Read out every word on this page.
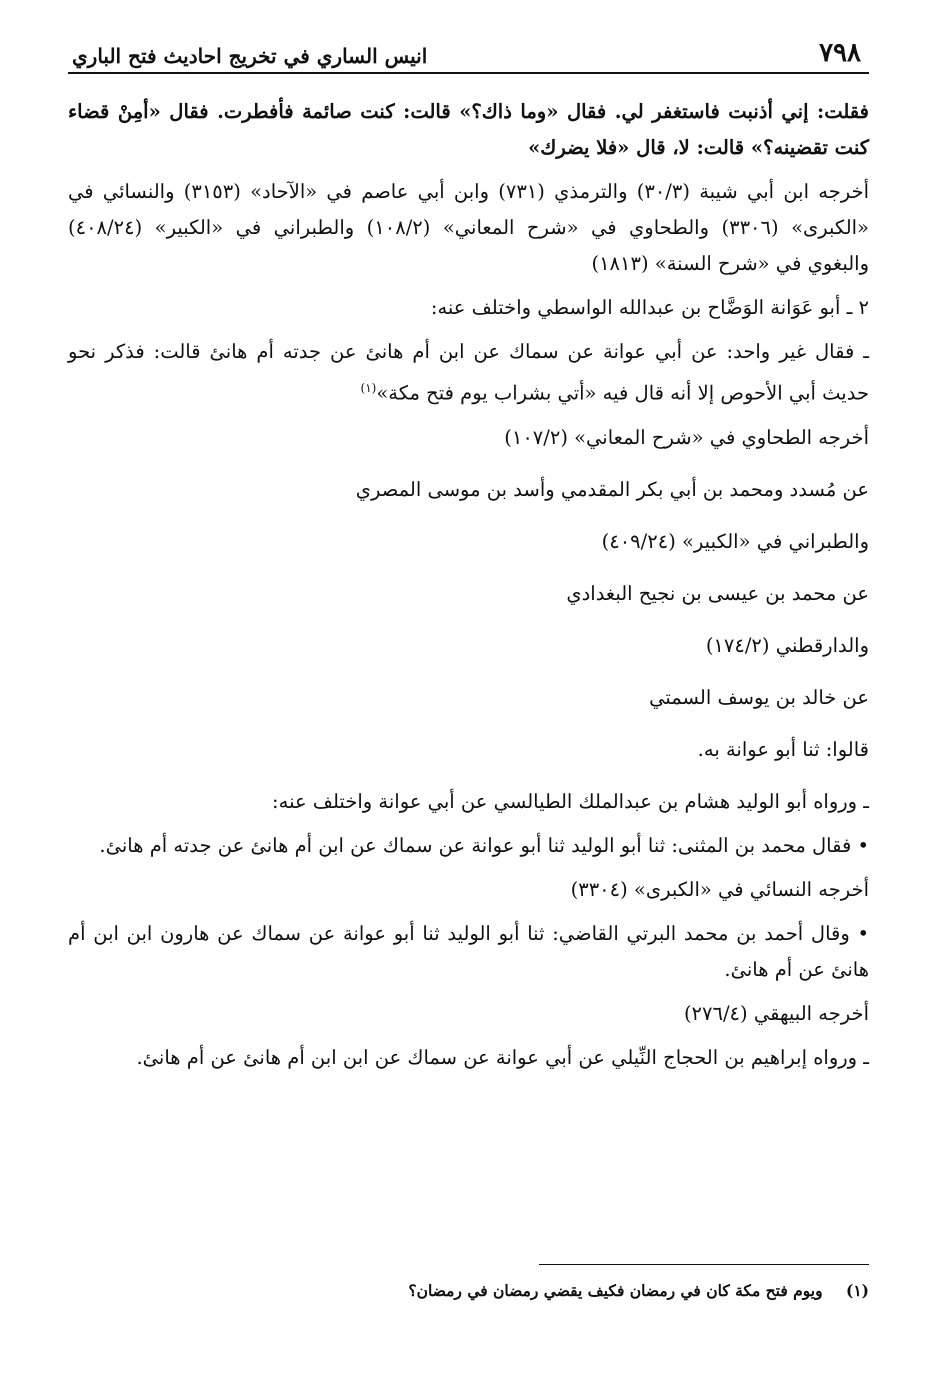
٧٩٨
انيس الساري في تخريج احاديث فتح الباري

فقلت: إني أذنبت فاستغفر لي. فقال «وما ذاك؟» قالت: كنت صائمة فأفطرت. فقال «أمِنْ قضاء كنت تقضينه؟» قالت: لا، قال «فلا يضرك»

أخرجه ابن أبي شيبة (٣٠/٣) والترمذي (٧٣١) وابن أبي عاصم في «الآحاد» (٣١٥٣) والنسائي في «الكبرى» (٣٣٠٦) والطحاوي في «شرح المعاني» (١٠٨/٢) والطبراني في «الكبير» (٤٠٨/٢٤) والبغوي في «شرح السنة» (١٨١٣)

٢ ـ أبو عَوَانة الوَضَّاح بن عبدالله الواسطي واختلف عنه:

ـ فقال غير واحد: عن أبي عوانة عن سماك عن ابن أم هانئ عن جدته أم هانئ قالت: فذكر نحو حديث أبي الأحوص إلا أنه قال فيه «أتي بشراب يوم فتح مكة»$^{(١)}$

أخرجه الطحاوي في «شرح المعاني» (١٠٧/٢)

عن مُسدد ومحمد بن أبي بكر المقدمي وأسد بن موسى المصري

والطبراني في «الكبير» (٤٠٩/٢٤)

عن محمد بن عيسى بن نجيح البغدادي

والدارقطني (١٧٤/٢)

عن خالد بن يوسف السمتي

قالوا: ثنا أبو عوانة به.

ـ ورواه أبو الوليد هشام بن عبدالملك الطيالسي عن أبي عوانة واختلف عنه:

• فقال محمد بن المثنى: ثنا أبو الوليد ثنا أبو عوانة عن سماك عن ابن أم هانئ عن جدته أم هانئ.

أخرجه النسائي في «الكبرى» (٣٣٠٤)

• وقال أحمد بن محمد البرتي القاضي: ثنا أبو الوليد ثنا أبو عوانة عن سماك عن هارون ابن ابن أم هانئ عن أم هانئ.

أخرجه البيهقي (٢٧٦/٤)

ـ ورواه إبراهيم بن الحجاج النِّيلي عن أبي عوانة عن سماك عن ابن ابن أم هانئ عن أم هانئ.

(١) ويوم فتح مكة كان في رمضان فكيف يقضي رمضان في رمضان؟
